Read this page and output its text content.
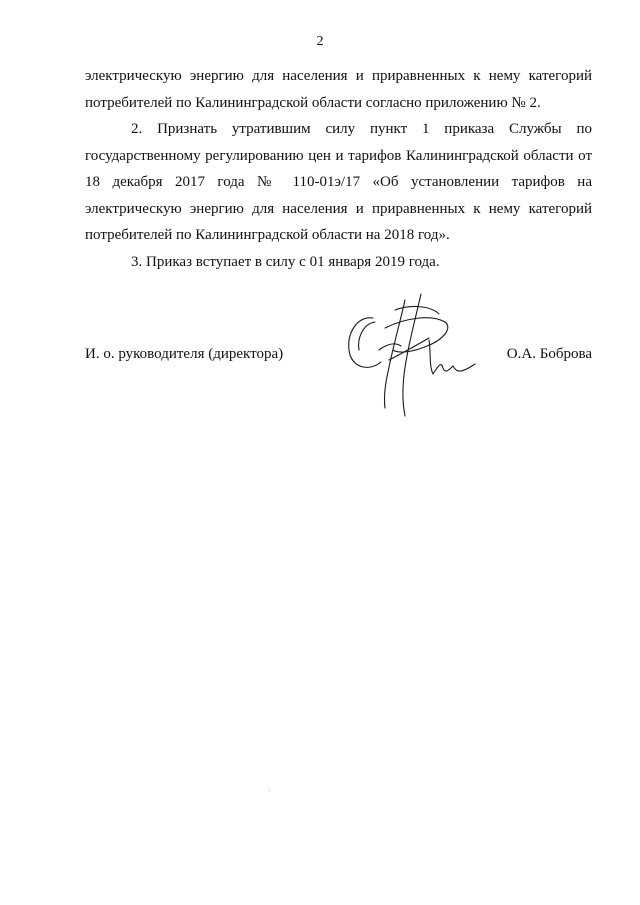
2

электрическую энергию для населения и приравненных к нему категорий потребителей по Калининградской области согласно приложению № 2.

2. Признать утратившим силу пункт 1 приказа Службы по государственному регулированию цен и тарифов Калининградской области от 18 декабря 2017 года № 110-01э/17 «Об установлении тарифов на электрическую энергию для населения и приравненных к нему категорий потребителей по Калининградской области на 2018 год».

3. Приказ вступает в силу с 01 января 2019 года.

И. о. руководителя (директора)	О.А. Боброва
